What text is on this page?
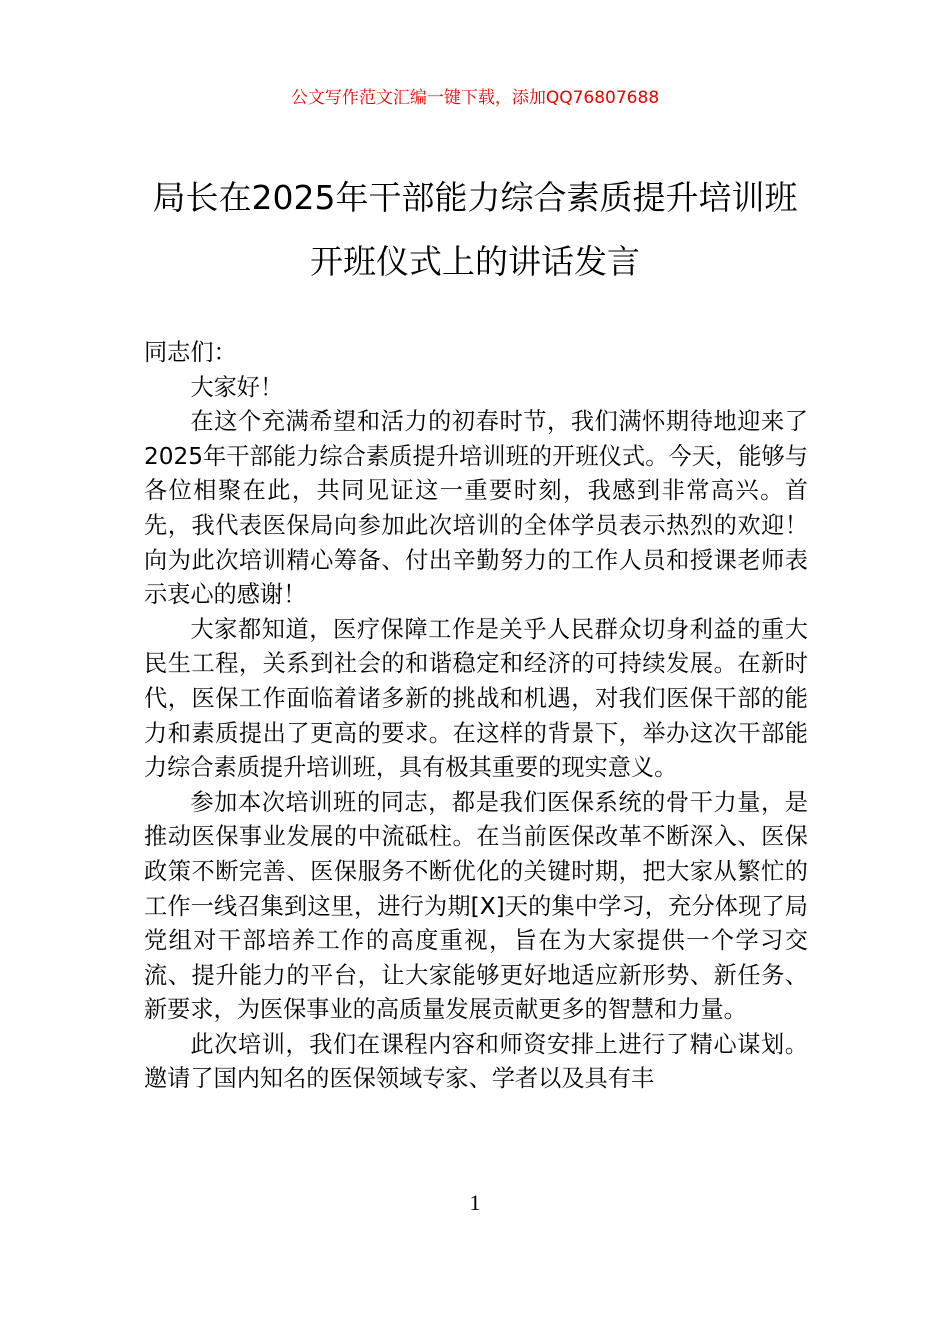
公文写作范文汇编一键下载，添加QQ76807688
局长在2025年干部能力综合素质提升培训班开班仪式上的讲话发言

同志们：

大家好！

在这个充满希望和活力的初春时节，我们满怀期待地迎来了2025年干部能力综合素质提升培训班的开班仪式。今天，能够与各位相聚在此，共同见证这一重要时刻，我感到非常高兴。首先，我代表医保局向参加此次培训的全体学员表示热烈的欢迎！向为此次培训精心筹备、付出辛勤努力的工作人员和授课老师表示衷心的感谢！

大家都知道，医疗保障工作是关乎人民群众切身利益的重大民生工程，关系到社会的和谐稳定和经济的可持续发展。在新时代，医保工作面临着诸多新的挑战和机遇，对我们医保干部的能力和素质提出了更高的要求。在这样的背景下，举办这次干部能力综合素质提升培训班，具有极其重要的现实意义。

参加本次培训班的同志，都是我们医保系统的骨干力量，是推动医保事业发展的中流砥柱。在当前医保改革不断深入、医保政策不断完善、医保服务不断优化的关键时期，把大家从繁忙的工作一线召集到这里，进行为期[X]天的集中学习，充分体现了局党组对干部培养工作的高度重视，旨在为大家提供一个学习交流、提升能力的平台，让大家能够更好地适应新形势、新任务、新要求，为医保事业的高质量发展贡献更多的智慧和力量。

此次培训，我们在课程内容和师资安排上进行了精心谋划。邀请了国内知名的医保领域专家、学者以及具有丰

1
